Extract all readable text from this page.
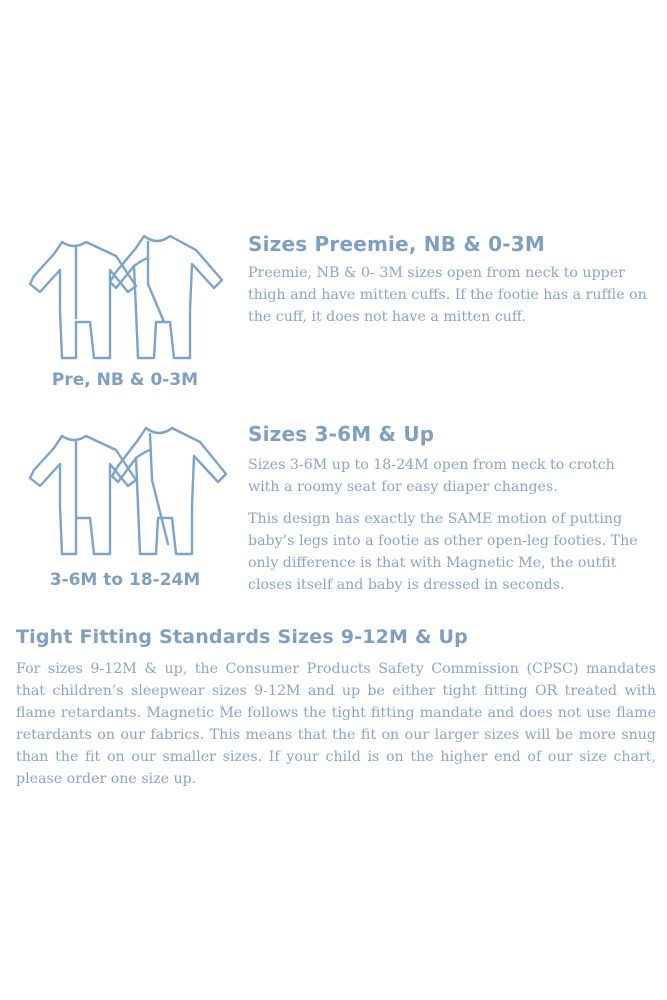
Pre, NB & 0-3M

Sizes Preemie, NB & 0-3M

Preemie, NB & 0- 3M sizes open from neck to upper thigh and have mitten cuffs. If the footie has a ruffle on the cuff, it does not have a mitten cuff.

3-6M to 18-24M

Sizes 3-6M & Up

Sizes 3-6M up to 18-24M open from neck to crotch with a roomy seat for easy diaper changes.

This design has exactly the SAME motion of putting baby’s legs into a footie as other open-leg footies. The only difference is that with Magnetic Me, the outfit closes itself and baby is dressed in seconds.

Tight Fitting Standards Sizes 9-12M & Up

For sizes 9-12M & up, the Consumer Products Safety Commission (CPSC) mandates that children’s sleepwear sizes 9-12M and up be either tight fitting OR treated with flame retardants. Magnetic Me follows the tight fitting mandate and does not use flame retardants on our fabrics. This means that the fit on our larger sizes will be more snug than the fit on our smaller sizes. If your child is on the higher end of our size chart, please order one size up.
